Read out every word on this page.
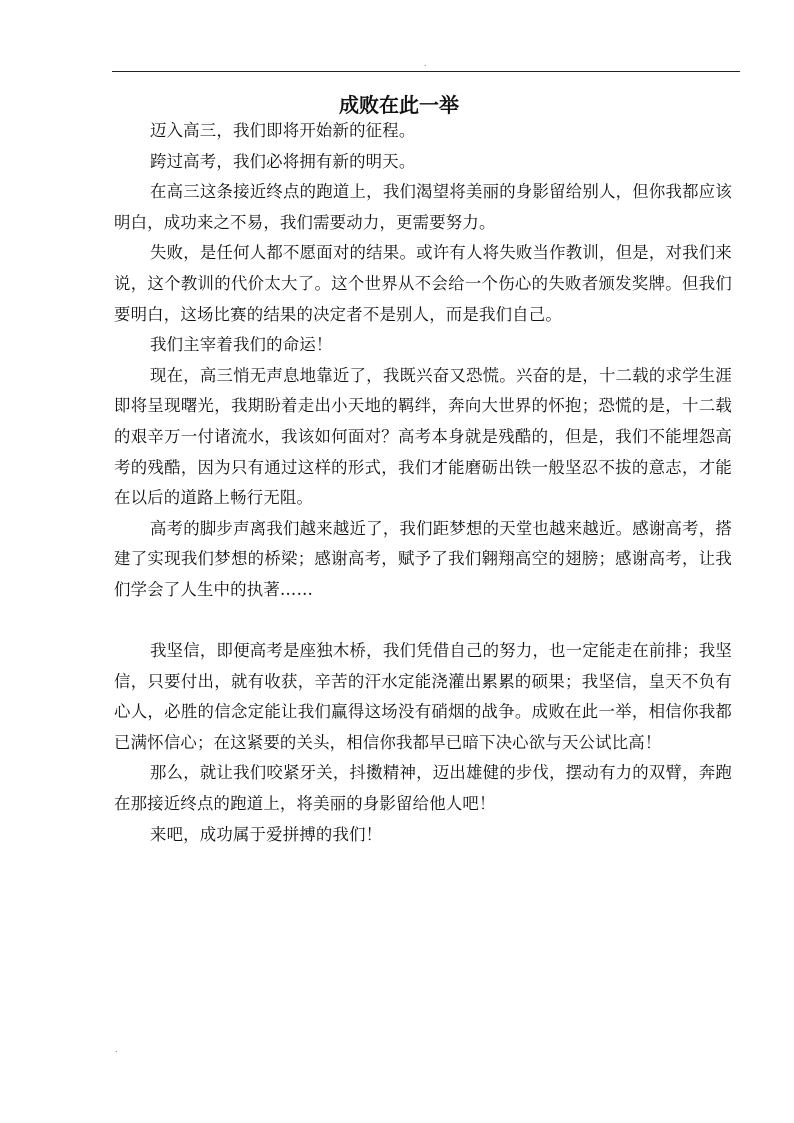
.
成败在此一举

迈入高三，我们即将开始新的征程。

跨过高考，我们必将拥有新的明天。

在高三这条接近终点的跑道上，我们渴望将美丽的身影留给别人，但你我都应该明白，成功来之不易，我们需要动力，更需要努力。

失败，是任何人都不愿面对的结果。或许有人将失败当作教训，但是，对我们来说，这个教训的代价太大了。这个世界从不会给一个伤心的失败者颁发奖牌。但我们要明白，这场比赛的结果的决定者不是别人，而是我们自己。

我们主宰着我们的命运！

现在，高三悄无声息地靠近了，我既兴奋又恐慌。兴奋的是，十二载的求学生涯即将呈现曙光，我期盼着走出小天地的羁绊，奔向大世界的怀抱；恐慌的是，十二载的艰辛万一付诸流水，我该如何面对？高考本身就是残酷的，但是，我们不能埋怨高考的残酷，因为只有通过这样的形式，我们才能磨砺出铁一般坚忍不拔的意志，才能在以后的道路上畅行无阻。

高考的脚步声离我们越来越近了，我们距梦想的天堂也越来越近。感谢高考，搭建了实现我们梦想的桥梁；感谢高考，赋予了我们翱翔高空的翅膀；感谢高考，让我们学会了人生中的执著……

我坚信，即便高考是座独木桥，我们凭借自己的努力，也一定能走在前排；我坚信，只要付出，就有收获，辛苦的汗水定能浇灌出累累的硕果；我坚信，皇天不负有心人，必胜的信念定能让我们赢得这场没有硝烟的战争。成败在此一举，相信你我都已满怀信心；在这紧要的关头，相信你我都早已暗下决心欲与天公试比高！

那么，就让我们咬紧牙关，抖擞精神，迈出雄健的步伐，摆动有力的双臂，奔跑在那接近终点的跑道上，将美丽的身影留给他人吧！

来吧，成功属于爱拼搏的我们！

.
